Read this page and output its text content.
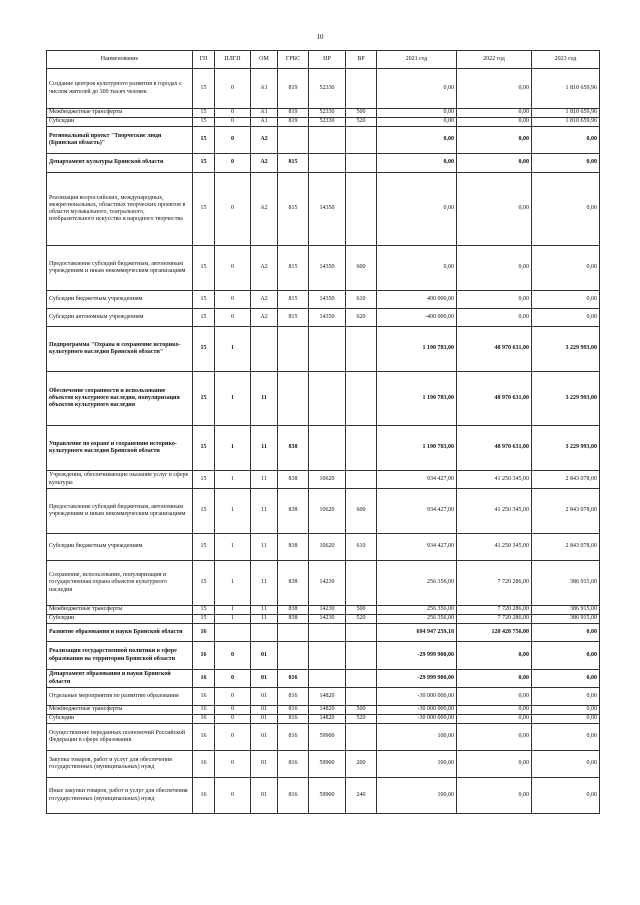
10
Наименование	ГП	ПЛГП	ОМ	ГРБС	НР	ВР	2021 год	2022 год	2023 год
Создание центров культурного развития в городах с числом жителей до 300 тысяч человек	15	0	A1	819	52330		0,00	0,00	1 810 659,96
Межбюджетные трансферты	15	0	A1	819	52330	500	0,00	0,00	1 810 659,96
Субсидии	15	0	A1	819	52330	520	0,00	0,00	1 810 659,96
Региональный проект "Творческие люди (Брянская область)"	15	0	A2				0,00	0,00	0,00
Департамент культуры Брянской области	15	0	A2	815			0,00	0,00	0,00
Реализация всероссийских, международных, межрегиональных, областных творческих проектов в области музыкального, театрального, изобразительного искусства и народного творчества	15	0	A2	815	14350		0,00	0,00	0,00
Предоставление субсидий бюджетным, автономным учреждениям и иным некоммерческим организациям	15	0	A2	815	14350	600	0,00	0,00	0,00
Субсидии бюджетным учреждениям	15	0	A2	815	14350	610	400 000,00	0,00	0,00
Субсидии автономным учреждениям	15	0	A2	815	14350	620	-400 000,00	0,00	0,00
Подпрограмма "Охрана и сохранение историко-культурного наследия Брянской области"	15	1					1 190 783,00	48 970 631,00	3 229 993,00
Обеспечение сохранности и использование объектов культурного наследия, популяризация объектов культурного наследия	15	1	11				1 190 783,00	48 970 631,00	3 229 993,00
Управление по охране и сохранению историко-культурного наследия Брянской области	15	1	11	838			1 190 783,00	48 970 631,00	3 229 993,00
Учреждения, обеспечивающие оказание услуг в сфере культуры	15	1	11	838	10620		934 427,00	41 250 345,00	2 843 078,00
Предоставление субсидий бюджетным, автономным учреждениям и иным некоммерческим организациям	15	1	11	838	10620	600	934 427,00	41 250 345,00	2 843 078,00
Субсидии бюджетным учреждениям	15	1	11	838	10620	610	934 427,00	41 250 345,00	2 843 078,00
Сохранение, использование, популяризация и государственная охрана объектов культурного наследия	15	1	11	838	14230		256 356,00	7 720 286,00	386 915,00
Межбюджетные трансферты	15	1	11	838	14230	500	256 356,00	7 720 286,00	386 915,00
Субсидии	15	1	11	838	14230	520	256 356,00	7 720 286,00	386 915,00
Развитие образования и науки Брянской области	16						694 947 259,18	120 428 756,00	0,00
Реализация государственной политики в сфере образования на территории Брянской области	16	0	01				-29 999 900,00	0,00	0,00
Департамент образования и науки Брянской области	16	0	01	816			-29 999 900,00	0,00	0,00
Отдельные мероприятия по развитию образования	16	0	01	816	14820		-30 000 000,00	0,00	0,00
Межбюджетные трансферты	16	0	01	816	14820	500	-30 000 000,00	0,00	0,00
Субсидии	16	0	01	816	14820	520	-30 000 000,00	0,00	0,00
Осуществление переданных полномочий Российской Федерации в сфере образования	16	0	01	816	59900		100,00	0,00	0,00
Закупка товаров, работ и услуг для обеспечения государственных (муниципальных) нужд	16	0	01	816	59900	200	100,00	0,00	0,00
Иные закупки товаров, работ и услуг для обеспечения государственных (муниципальных) нужд	16	0	01	816	59900	240	100,00	0,00	0,00
